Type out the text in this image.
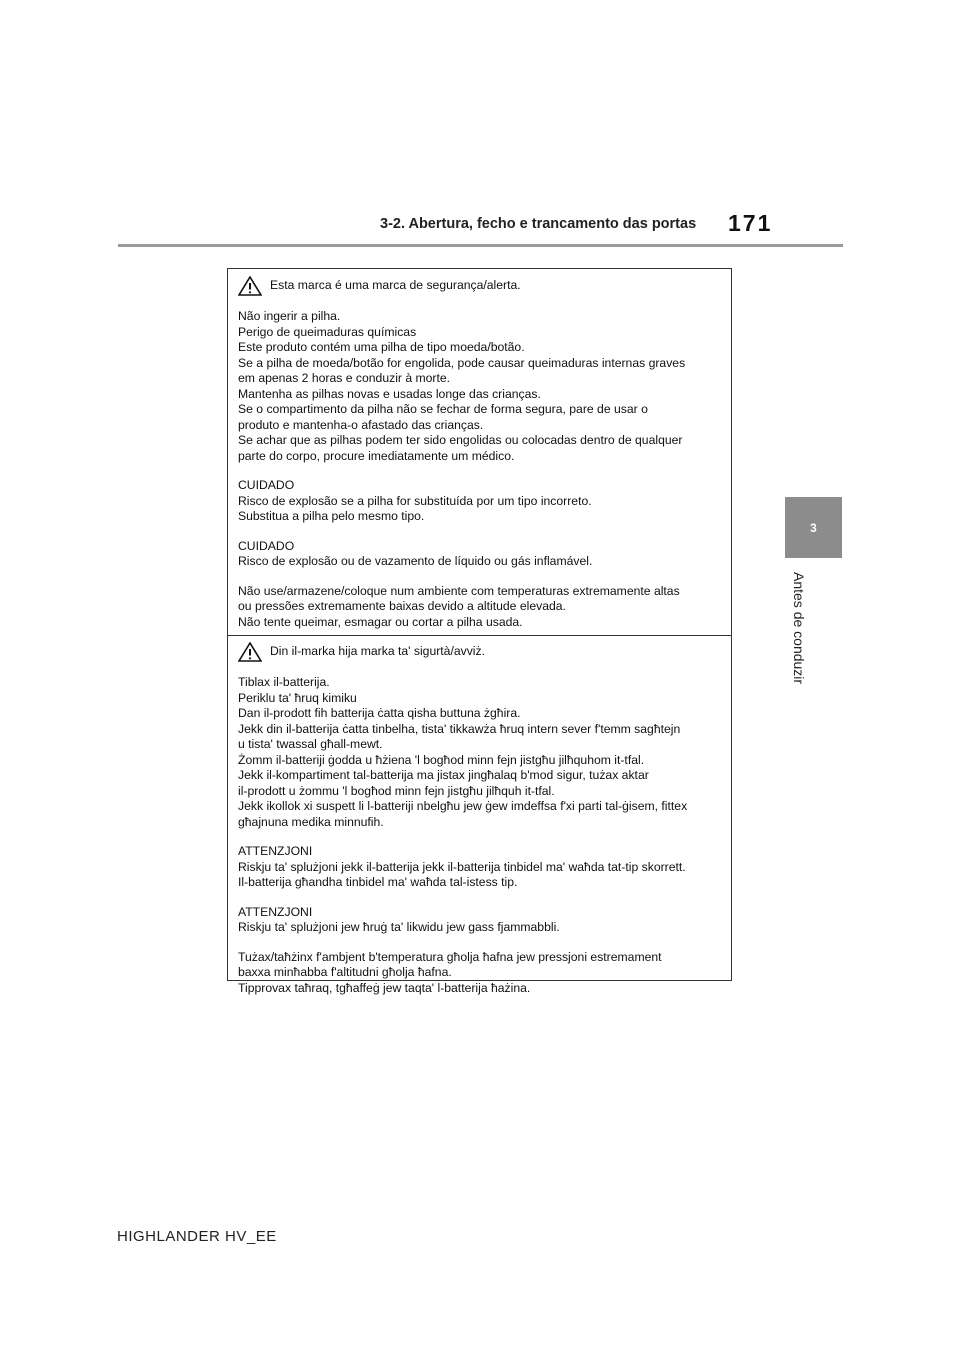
3-2. Abertura, fecho e trancamento das portas 171
3
Antes de conduzir
Esta marca é uma marca de segurança/alerta.
Não ingerir a pilha.
Perigo de queimaduras químicas
Este produto contém uma pilha de tipo moeda/botão.
Se a pilha de moeda/botão for engolida, pode causar queimaduras internas graves
em apenas 2 horas e conduzir à morte.
Mantenha as pilhas novas e usadas longe das crianças.
Se o compartimento da pilha não se fechar de forma segura, pare de usar o
produto e mantenha-o afastado das crianças.
Se achar que as pilhas podem ter sido engolidas ou colocadas dentro de qualquer
parte do corpo, procure imediatamente um médico.
CUIDADO
Risco de explosão se a pilha for substituída por um tipo incorreto.
Substitua a pilha pelo mesmo tipo.
CUIDADO
Risco de explosão ou de vazamento de líquido ou gás inflamável.
Não use/armazene/coloque num ambiente com temperaturas extremamente altas
ou pressões extremamente baixas devido a altitude elevada.
Não tente queimar, esmagar ou cortar a pilha usada.
Din il-marka hija marka ta' sigurtà/avviż.
Tiblax il-batterija.
Periklu ta' ħruq kimiku
Dan il-prodott fih batterija ċatta qisha buttuna żgħira.
Jekk din il-batterija ċatta tinbelha, tista' tikkawża ħruq intern sever f'temm sagħtejn
u tista' twassal għall-mewt.
Żomm il-batteriji ġodda u ħżiena 'l bogħod minn fejn jistgħu jilħquhom it-tfal.
Jekk il-kompartiment tal-batterija ma jistax jingħalaq b'mod sigur, tużax aktar
il-prodott u żommu 'l bogħod minn fejn jistgħu jilħquh it-tfal.
Jekk ikollok xi suspett li l-batteriji nbelgħu jew ġew imdeffsa f'xi parti tal-ġisem, fittex
għajnuna medika minnufih.
ATTENZJONI
Riskju ta' splużjoni jekk il-batterija jekk il-batterija tinbidel ma' waħda tat-tip skorrett.
Il-batterija għandha tinbidel ma' waħda tal-istess tip.
ATTENZJONI
Riskju ta' splużjoni jew ħruġ ta' likwidu jew gass fjammabbli.
Tużax/taħżinx f'ambjent b'temperatura għolja ħafna jew pressjoni estremament
baxxa minħabba f'altitudni għolja ħafna.
Tipprovax taħraq, tgħaffeġ jew taqta' l-batterija ħażina.
HIGHLANDER HV_EE
